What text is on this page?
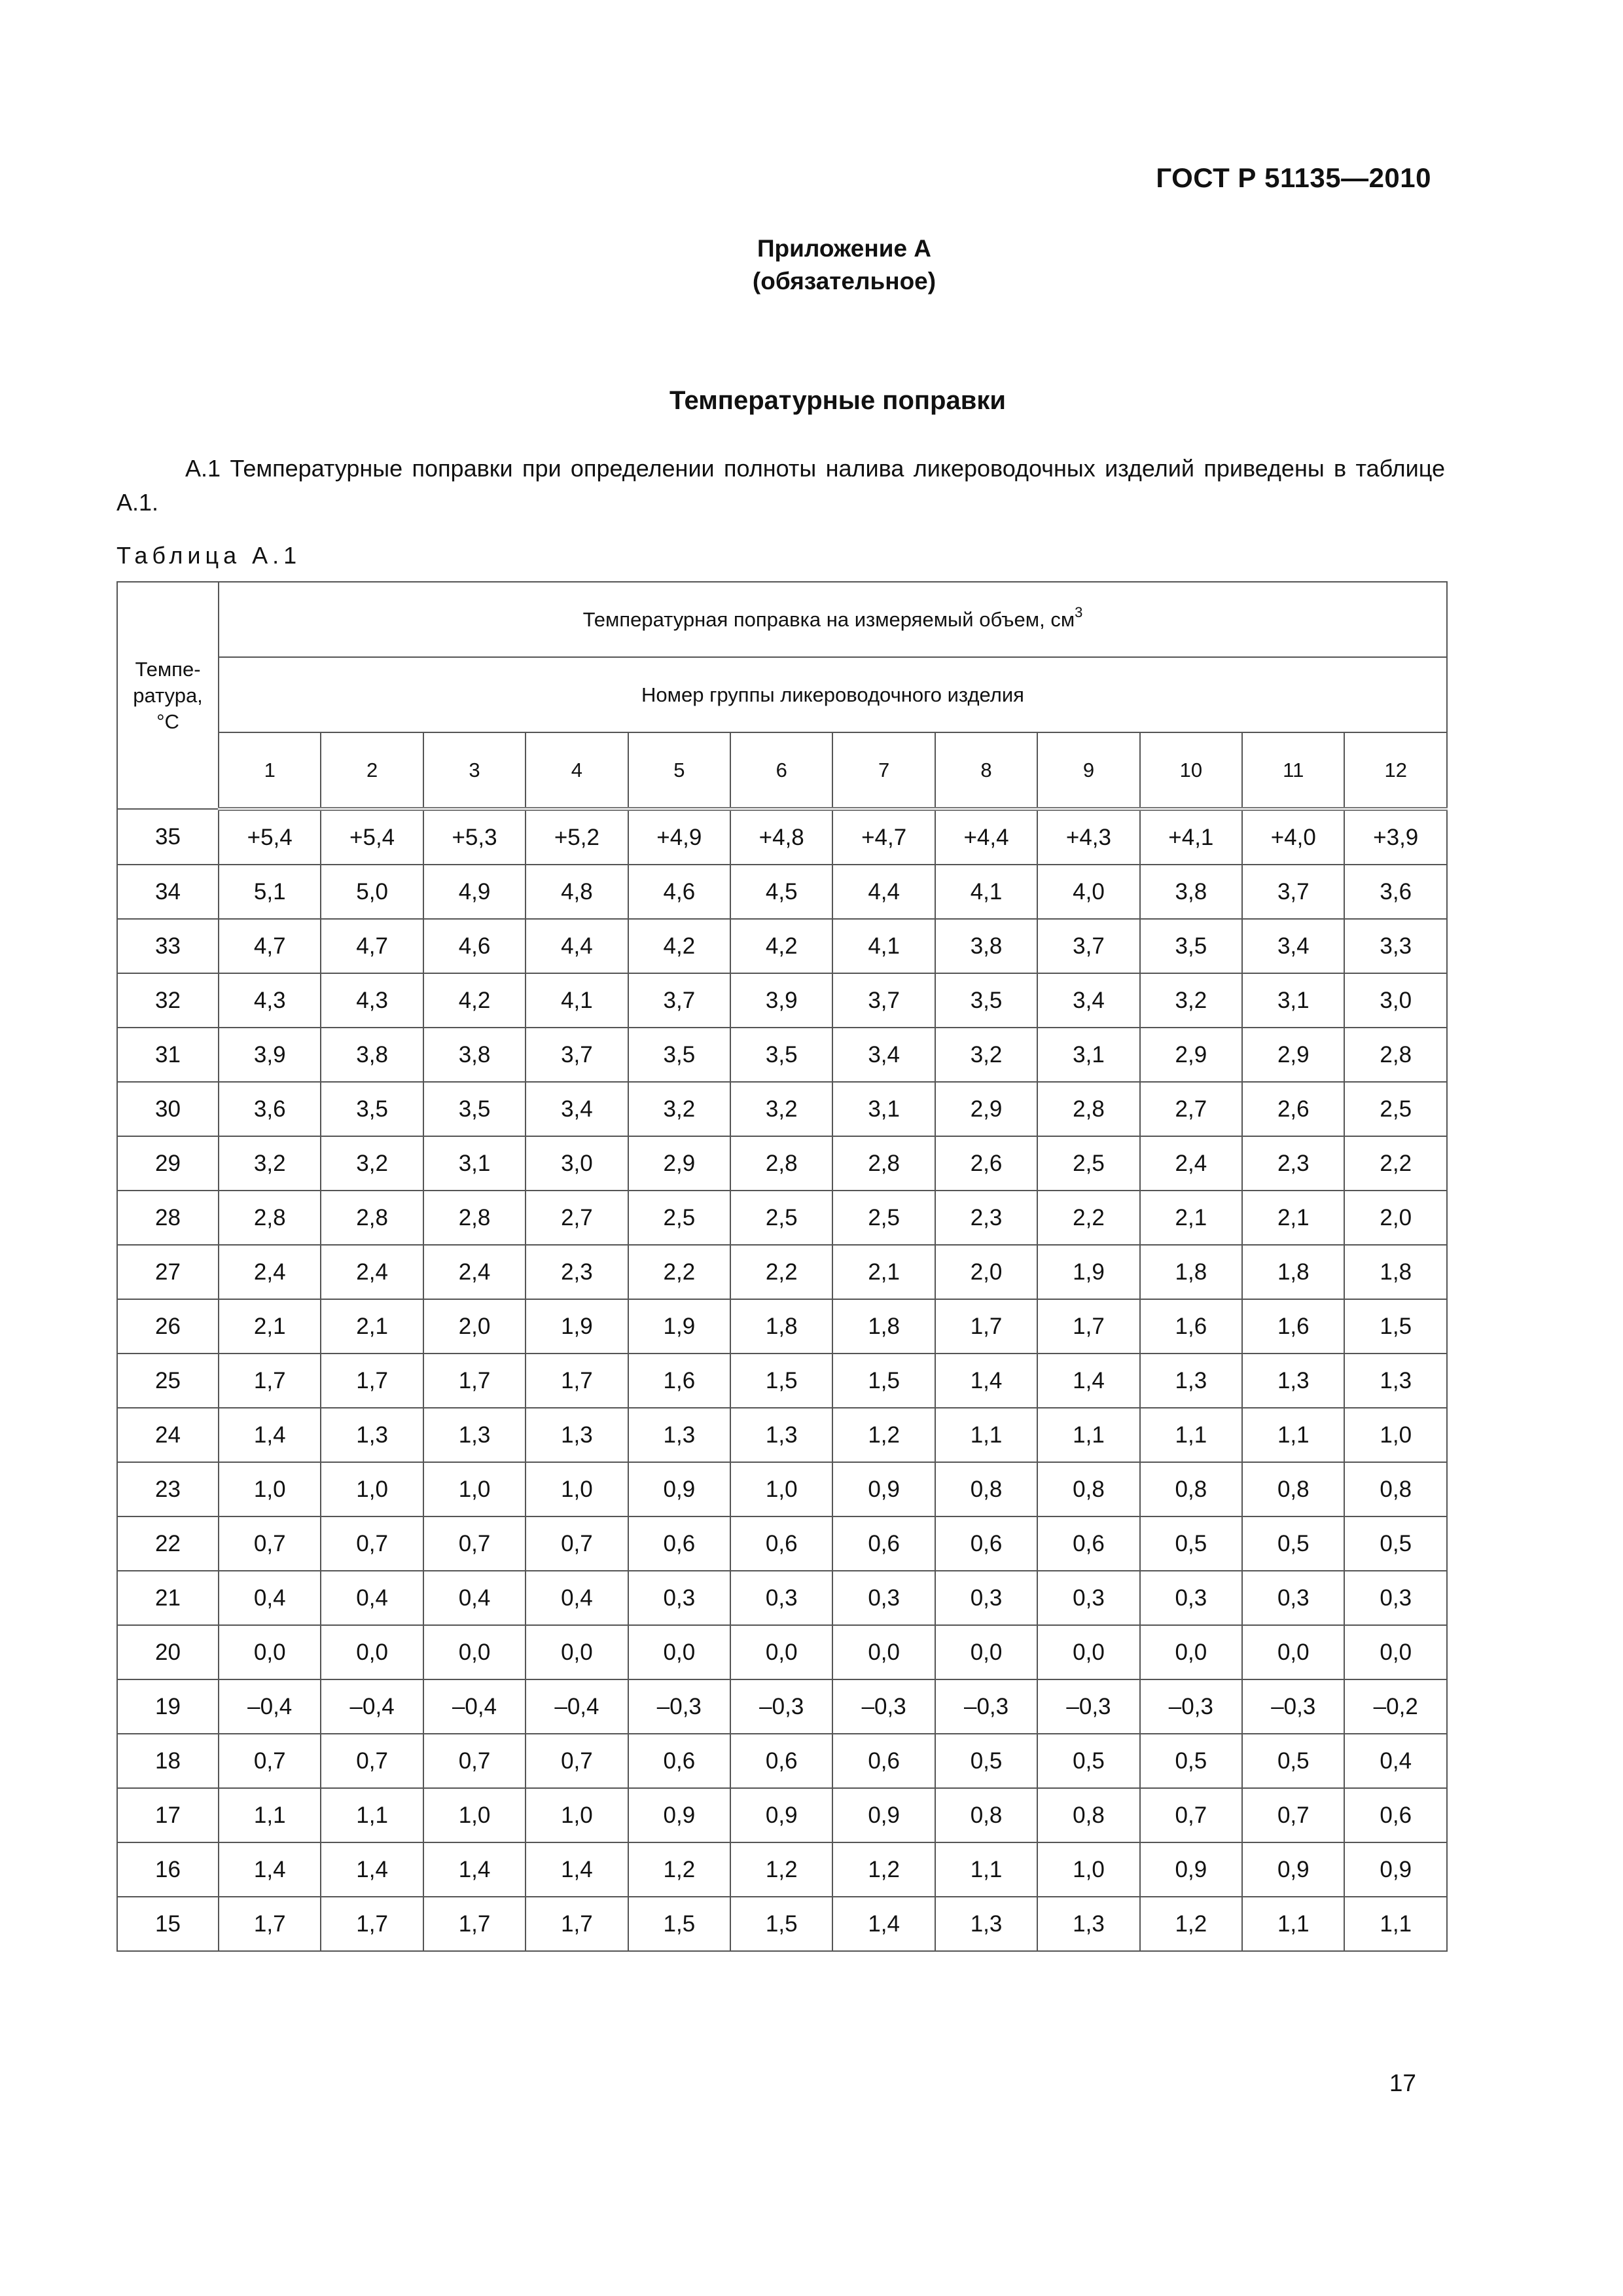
ГОСТ Р 51135—2010
Приложение А
(обязательное)
Температурные поправки
А.1 Температурные поправки при определении полноты налива ликероводочных изделий приведены в таблице А.1.
Таблица А.1
Темпе-
ратура,
°С	Температурная поправка на измеряемый объем, $см^3$
	Номер группы ликероводочного изделия											
	1	2	3	4	5	6	7	8	9	10	11	12
35	+5,4	+5,4	+5,3	+5,2	+4,9	+4,8	+4,7	+4,4	+4,3	+4,1	+4,0	+3,9
34	5,1	5,0	4,9	4,8	4,6	4,5	4,4	4,1	4,0	3,8	3,7	3,6
33	4,7	4,7	4,6	4,4	4,2	4,2	4,1	3,8	3,7	3,5	3,4	3,3
32	4,3	4,3	4,2	4,1	3,7	3,9	3,7	3,5	3,4	3,2	3,1	3,0
31	3,9	3,8	3,8	3,7	3,5	3,5	3,4	3,2	3,1	2,9	2,9	2,8
30	3,6	3,5	3,5	3,4	3,2	3,2	3,1	2,9	2,8	2,7	2,6	2,5
29	3,2	3,2	3,1	3,0	2,9	2,8	2,8	2,6	2,5	2,4	2,3	2,2
28	2,8	2,8	2,8	2,7	2,5	2,5	2,5	2,3	2,2	2,1	2,1	2,0
27	2,4	2,4	2,4	2,3	2,2	2,2	2,1	2,0	1,9	1,8	1,8	1,8
26	2,1	2,1	2,0	1,9	1,9	1,8	1,8	1,7	1,7	1,6	1,6	1,5
25	1,7	1,7	1,7	1,7	1,6	1,5	1,5	1,4	1,4	1,3	1,3	1,3
24	1,4	1,3	1,3	1,3	1,3	1,3	1,2	1,1	1,1	1,1	1,1	1,0
23	1,0	1,0	1,0	1,0	0,9	1,0	0,9	0,8	0,8	0,8	0,8	0,8
22	0,7	0,7	0,7	0,7	0,6	0,6	0,6	0,6	0,6	0,5	0,5	0,5
21	0,4	0,4	0,4	0,4	0,3	0,3	0,3	0,3	0,3	0,3	0,3	0,3
20	0,0	0,0	0,0	0,0	0,0	0,0	0,0	0,0	0,0	0,0	0,0	0,0
19	–0,4	–0,4	–0,4	–0,4	–0,3	–0,3	–0,3	–0,3	–0,3	–0,3	–0,3	–0,2
18	0,7	0,7	0,7	0,7	0,6	0,6	0,6	0,5	0,5	0,5	0,5	0,4
17	1,1	1,1	1,0	1,0	0,9	0,9	0,9	0,8	0,8	0,7	0,7	0,6
16	1,4	1,4	1,4	1,4	1,2	1,2	1,2	1,1	1,0	0,9	0,9	0,9
15	1,7	1,7	1,7	1,7	1,5	1,5	1,4	1,3	1,3	1,2	1,1	1,1
17
